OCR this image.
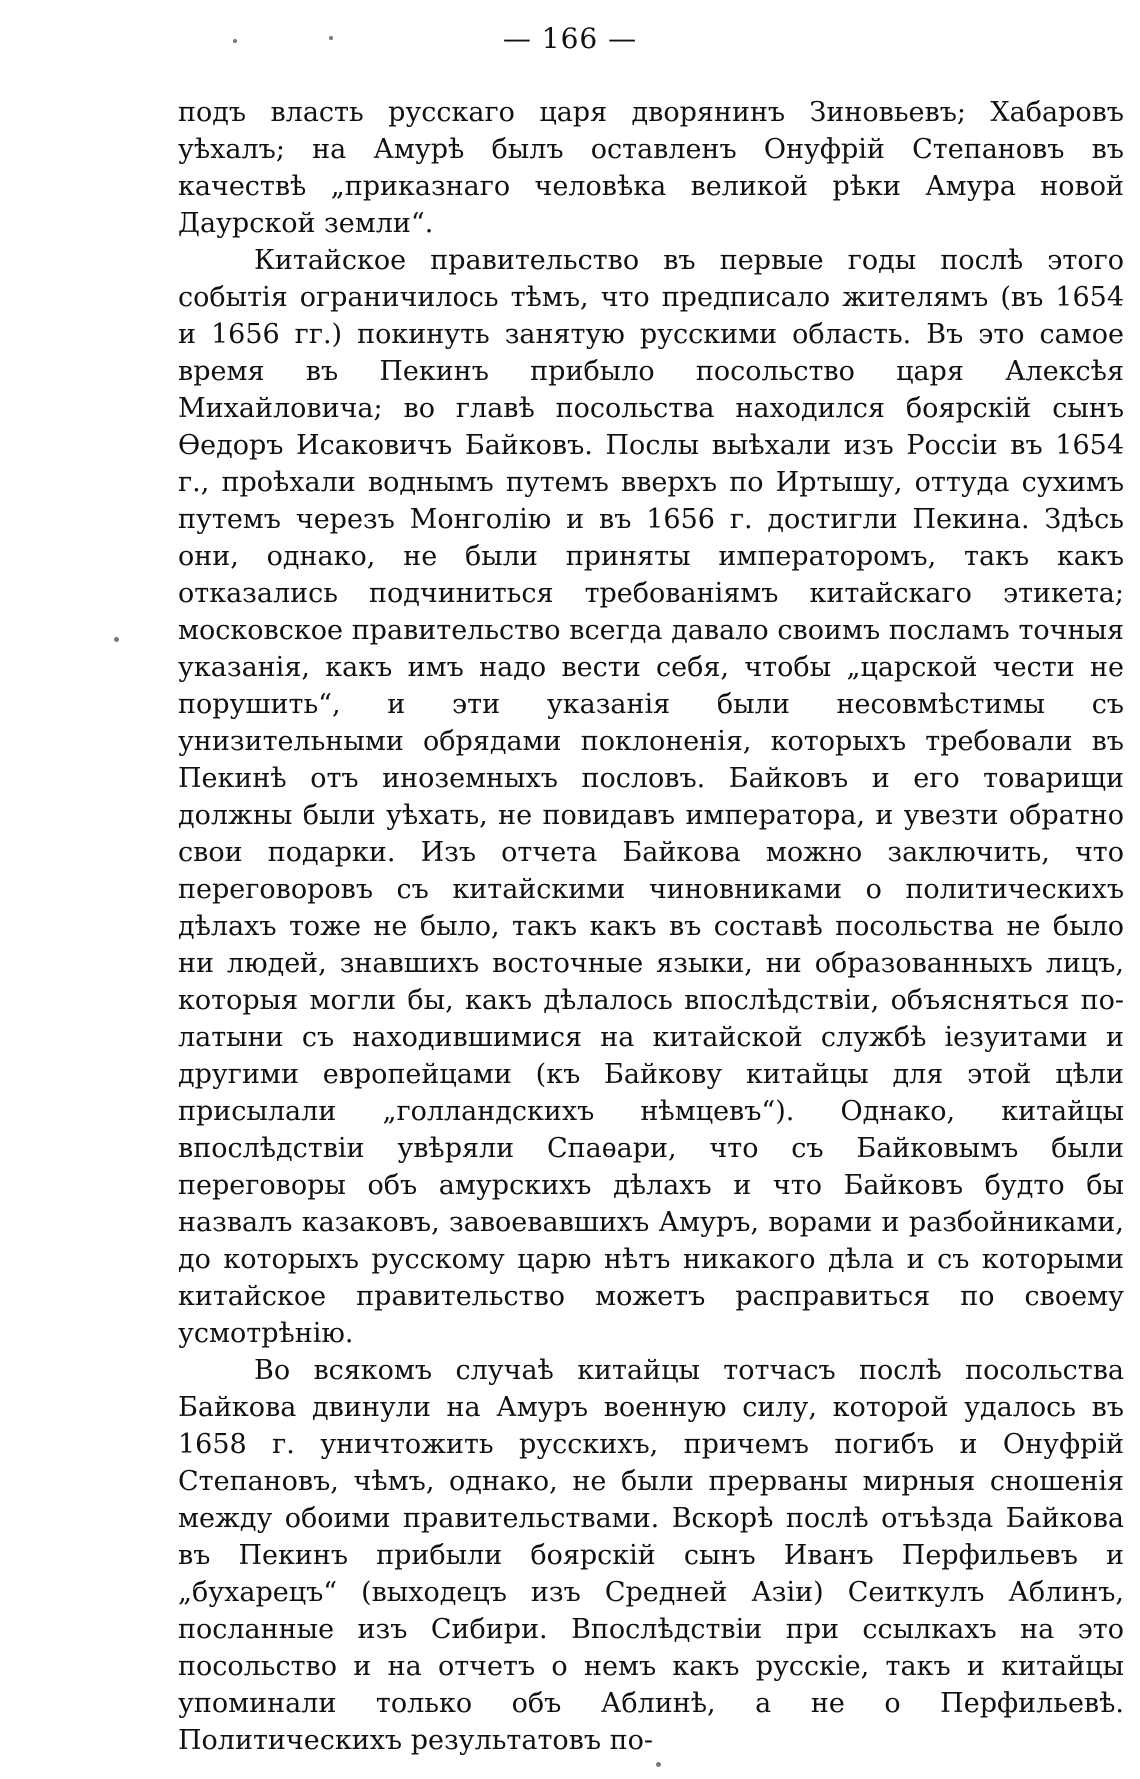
— 166 —

подъ власть русскаго царя дворянинъ Зиновьевъ; Хабаровъ уѣхалъ; на Амурѣ былъ оставленъ Онуфрій Степановъ въ качествѣ „приказнаго человѣка великой рѣки Амура новой Даурской земли“.

Китайское правительство въ первые годы послѣ этого событія ограничилось тѣмъ, что предписало жителямъ (въ 1654 и 1656 гг.) покинуть занятую русскими область. Въ это самое время въ Пекинъ прибыло посольство царя Алексѣя Михайловича; во главѣ посольства находился боярскій сынъ Ѳедоръ Исаковичъ Байковъ. Послы выѣхали изъ Россіи въ 1654 г., проѣхали воднымъ путемъ вверхъ по Иртышу, оттуда сухимъ путемъ черезъ Монголію и въ 1656 г. достигли Пекина. Здѣсь они, однако, не были приняты императоромъ, такъ какъ отказались подчиниться требованіямъ китайскаго этикета; московское правительство всегда давало своимъ посламъ точныя указанія, какъ имъ надо вести себя, чтобы „царской чести не порушить“, и эти указанія были несовмѣстимы съ унизительными обрядами поклоненія, которыхъ требовали въ Пекинѣ отъ иноземныхъ пословъ. Байковъ и его товарищи должны были уѣхать, не повидавъ императора, и увезти обратно свои подарки. Изъ отчета Байкова можно заключить, что переговоровъ съ китайскими чиновниками о политическихъ дѣлахъ тоже не было, такъ какъ въ составѣ посольства не было ни людей, знавшихъ восточные языки, ни образованныхъ лицъ, которыя могли бы, какъ дѣлалось впослѣдствіи, объясняться по-латыни съ находившимися на китайской службѣ іезуитами и другими европейцами (къ Байкову китайцы для этой цѣли присылали „голландскихъ нѣмцевъ“). Однако, китайцы впослѣдствіи увѣряли Спаѳари, что съ Байковымъ были переговоры объ амурскихъ дѣлахъ и что Байковъ будто бы назвалъ казаковъ, завоевавшихъ Амуръ, ворами и разбойниками, до которыхъ русскому царю нѣтъ никакого дѣла и съ которыми китайское правительство можетъ расправиться по своему усмотрѣнію.

Во всякомъ случаѣ китайцы тотчасъ послѣ посольства Байкова двинули на Амуръ военную силу, которой удалось въ 1658 г. уничтожить русскихъ, причемъ погибъ и Онуфрій Степановъ, чѣмъ, однако, не были прерваны мирныя сношенія между обоими правительствами. Вскорѣ послѣ отъѣзда Байкова въ Пекинъ прибыли боярскій сынъ Иванъ Перфильевъ и „бухарецъ“ (выходецъ изъ Средней Азіи) Сеиткулъ Аблинъ, посланные изъ Сибири. Впослѣдствіи при ссылкахъ на это посольство и на отчетъ о немъ какъ русскіе, такъ и китайцы упоминали только объ Аблинѣ, а не о Перфильевѣ. Политическихъ результатовъ по-
